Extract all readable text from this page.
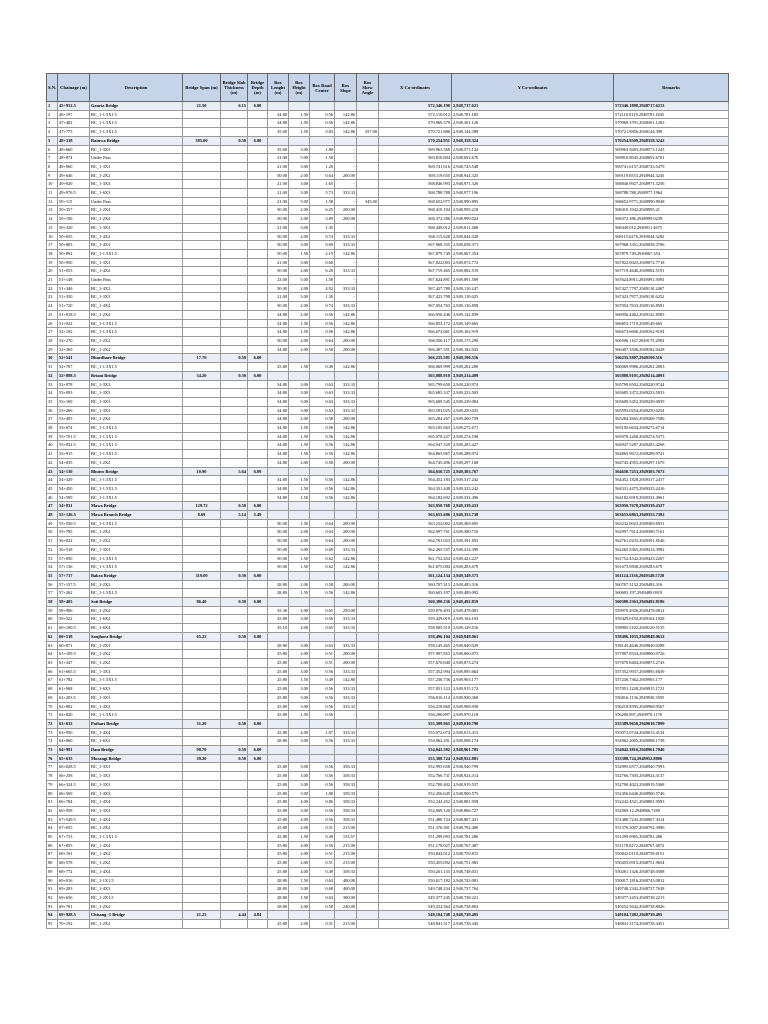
S.N.	Chainage (m)	Description	Bridge Span (m)	Bridge Slab Thickness (m)	Bridge Depth (m)	Box Lenght (m)	Box Height (m)	Box Road Center	Box Slope	Box Skew Angle	X Co-ordinates	Y Co-ordinates	Remarks
1	45+952.5	Gauria Bridge	21.50	6.15	6.00						572,346.190	2,948,717.621	572346.1898,2948717.6213
2	46+197	BC_1-1.5X1.5				34.80	1.50	0.56	142.86		572,110.012	2,948,781.185	572110.0118,2948781.1845
3	47+482	BC_1-1.5X1.5				34.80	1.50	0.56	142.86		570,969.379	2,948,301.126	570969.3791,2948301.1263
4	47+775	BC_1-1.5X1.5				35.00	1.50	3.83	142.86	357.00	570,721.886	2,948,144.398	570721.8856,2948144.398
5	48+318	Ratuwa Bridge	585.00	0.50	6.00						570,254.951	2,948,358.324	570254.9509,2948358.3242
6	48+660	BC_1-3X3				35.00	3.00	1.80	-		569,963.568	2,948,573.124	569963.5683,2948573.1243
7	48+874	Under Pass				21.00	5.00	1.58	-		569,810.804	2,948,692.670	569810.8045,2948692.6701
8	48+960	BC_1-3X3				21.00	3.00	1.20	-		569,741.616	2,948,743.548	569741.6157,2948743.5479
9	49+646	BC_1-2X2				50.00	2.00	0.64	200.00		569,119.655	2,948,944.325	569119.6553,2948944.3245
10	49+920	BC_1-3X3				21.00	3.00	1.65	-		568,846.993	2,948,971.326	568846.9927,2948971.3256
11	49+976.5	BC_1-6X3				21.00	3.00	5.73	333.33		568,788.788	2,948,977.196	568788.788,2948977.1964
12	50+115	Under Pass				21.00	5.00	1.58	-	345.00	568,652.977	2,948,990.895	568652.9771,2948990.8948
13	50+357	BC_1-2X2				50.00	2.00	6.25	200.00		568,410.194	2,948,995.210	568410.1942,2948995.21
14	50+196	BC_1-2X2				50.00	2.00	3.89	200.00		568,372.386	2,948,999.024	568372.386,2948999.0239
15	50+320	BC_1-3X3				21.00	3.00	1.35	-		568,449.012	2,949,011.468	568449.012,2949011.4675
16	50+655	BC_1-4X2				50.00	2.00	0.74	333.33		568,115.628	2,949,044.328	568115.6278,2949044.3282
17	50+803	BC_1-4X3				50.00	3.00	0.69	333.33		567,968.335	2,949,038.371	567968.3351,2949038.3706
18	50+892	BC_1-1.5X1.5				50.00	1.50	2.19	142.86		567,879.749	2,949,067.354	567879.749,2949067.354
19	50+950	BC_1-3X3				21.00	3.00	0.60	-		567,822.003	2,949,072.772	567822.0025,2949072.7718
20	51+053	BC_1-4X2				50.00	2.00	6.20	333.33		567,719.465	2,949,082.519	567719.4646,2949082.5191
21	51+148	Under Pass				23.00	5.00	1.58	-		567,624.891	2,949,091.509	567624.8911,2949091.5093
22	51+346	BC_1-4X2				50.00	2.00	4.92	333.33		567,427.780	2,949,110.247	567427.7797,2949110.2467
23	51+350	BC_1-3X3				21.00	3.00	1.30	-		567,423.798	2,949,110.625	567423.7977,2949110.6252
24	51+720	BC_1-4X2				50.00	2.00	0.74	333.33		567,054.763	2,949,136.858	567054.7633,2949136.8581
25	51+818.5	BC_1-2X2				34.80	2.00	0.56	142.86		566,956.446	2,949,142.858	566956.4462,2949142.8583
26	51+922	BC_1-1.5X1.5				34.80	1.50	0.56	142.86		566,853.172	2,949,149.665	566853.1719,2949149.665
27	52+102	BC_1-1.5X1.5				34.80	1.50	0.56	142.86		566,673.661	2,949,162.919	566673.6606,2949162.9194
28	52+270	BC_1-2X2				50.00	2.00	0.64	200.00		566,506.117	2,949,175.290	566506.1167,2949175.2903
29	52+369	BC_1-2X2				34.80	2.00	0.58	200.00		566,407.351	2,949,182.043	566407.3506,2949182.0428
30	52+541	Dhardhare Bridge	17.70	0.50	6.00						566,235.581	2,949,190.516	566235.5807,2949190.516
31	52+707	BC_1-1.5X1.5				25.80	1.50	0.49	142.86		566,069.999	2,949,202.200	566069.9986,2949202.2003
32	52+888.5	Betani Bridge	34.20	0.50	6.00						565,888.910	2,949,214.489	565888.9101,2949214.4893
33	52+978	BC_1-3X3				34.80	3.00	0.63	333.33		565,799.650	2,949,220.974	565799.6502,2949220.9744
34	53+093	BC_1-3X3				34.80	3.00	0.63	333.33		565,685.337	2,949,233.503	565685.3372,2949233.5033
35	53+169	BC_1-3X3				34.80	3.00	0.63	333.33		565,609.545	2,949,239.084	565609.5452,2949239.0839
36	53+266	BC_1-3X3				34.80	3.00	0.63	333.33		565,593.025	2,949,250.025	565593.0254,2949250.0254
37	53+495	BC_1-2X2				34.80	2.00	0.58	200.00		565,284.267	2,949,260.759	565284.2665,2949260.7586
38	53+674	BC_1-1.5X1.5				34.80	1.50	0.56	142.86		565,105.663	2,949,272.671	565105.6634,2949272.6714
39	53+701.5	BC_1-1.5X1.5				34.80	1.50	0.56	142.86		565,078.227	2,949,274.538	565078.2268,2949274.5375
40	53+832.5	BC_1-1.5X1.5				34.80	1.50	0.56	142.86		564,947.529	2,949,283.427	564947.5287,2949283.4268
41	53+915	BC_1-1.5X1.5				34.80	1.50	0.56	142.86		564,865.967	2,949,288.974	564865.9672,2949288.9741
42	54+035	BC_1-2X2				34.80	2.00	0.58	200.00		564,745.496	2,949,297.168	564745.4955,2949297.1679
43	54+130	Bhutro Bridge	10.90	5.64	6.09						564,650.725	2,949,303.767	564650.7253,2949303.7673
44	54+329	BC_1-1.5X1.5				34.80	1.50	0.56	142.86		564,452.183	2,949,317.242	564452.1828,2949317.2417
45	54+450	BC_1-1.5X1.5				34.80	1.50	0.56	142.86		564,331.448	2,949,325.242	564331.4475,2949325.2416
46	54+599	BC_1-1.5X1.5				34.80	1.50	0.56	142.86		564,182.692	2,949,331.496	564182.6919,2949331.4961
47	54+831	Mawa Bridge	129.72	0.50	6.00						563,950.768	2,949,339.433	563950.7678,2949339.4327
48	55+126.5	Mawa Branch Bridge	8.69	5.14	5.49						563,655.686	2,949,353.738	563655.6863,2949353.7382
49	55+550.5	BC_1-1.5X1.5				50.00	1.50	0.64	200.00		563,232.002	2,949,369.695	563232.0023,2949369.6951
50	55+785	BC_1-2X2				50.00	2.00	0.64	200.00		562,997.761	2,949,380.716	562997.7614,2949380.7161
51	56+022	BC_1-2X2				50.00	2.00	0.64	200.00		562,761.023	2,949,391.855	562761.0233,2949391.8546
52	56+518	BC_1-3X3				50.00	3.00	0.69	333.33		562,265.537	2,949,414.399	562265.5365,2949414.3992
53	57+050	BC_1-1.5X1.5				50.00	1.50	0.62	142.86		561,752.454	2,949,423.227	561752.4542,2949423.2267
54	57+136	BC_1-1.5X1.5				50.00	1.50	0.62	142.86		561,675.084	2,949,283.679	561675.0838,2949283.679
55	57+717	Bakra Bridge	319.00	0.50	6.00						561,124.134	2,949,349.573	561124.1336,2949349.5728
56	57+157.5	BC_1-2X2				28.80	2.00	0.58	200.00		560,707.313	2,949,483.316	560707.3132,2949483.316
57	57+262	BC_1-1.5X1.5				28.80	1.50	0.56	142.86		560,603.197	2,949,489.092	560603.197,2949489.0919
58	58+405	Soti Bridge	86.40	0.50	6.00						560,380.236	2,949,492.819	560380.2363,2949492.8186
59	58+906	BC_1-2X2				35.30	2.00	0.65	250.00		559,970.493	2,949,478.081	559970.4926,2949478.0812
60	59+522	BC_1-6X2				25.80	3.00	0.56	333.33		559,429.019	2,949,164.103	559429.0192,2949164.1028
61	60+100.5	BC_1-6X4				35.10	4.00	0.65	333.33		558,905.510	2,949,129.516	558905.5102,2949129.5155
62	60+518	Sanjhora Bridge	65.22	0.50	6.00						558,496.104	2,949,848.061	558496.1035,2949848.0612
63	60+871	BC_1-2X3				28.80	3.00	0.63	333.33		558,145.465	2,949,840.029	558145.4646,2949840.0288
64	61+109.5	BC_1-2X2				25.80	2.00	0.51	200.00		557,907.853	2,949,860.073	557907.8534,2949860.0726
65	61+347	BC_1-2X2				25.80	2.00	0.51	200.00		557,670.840	2,949,873.274	557670.8404,2949873.2743
66	61+665.5	BC_1-3X3				25.80	3.00	0.56	333.33		557,352.994	2,949,895.664	557352.9937,2949895.6639
67	61+782	BC_1-1.5X1.5				25.80	1.50	0.49	142.86		557,236.736	2,949,903.177	557236.7362,2949903.177
68	61+968	BC_1-6X3				25.80	3.00	0.56	333.33		557,051.123	2,949,915.172	557051.1228,2949915.1721
69	62+203.5	BC_1-3X3				25.80	3.00	0.56	333.33		556,816.114	2,949,930.360	556816.1136,2949930.3595
70	62+802	BC_1-4X3				25.80	3.00	0.56	333.33		556,218.860	2,949,968.958	556218.8595,2949968.9567
71	62+820	BC_1-1.5X1.5				25.80	1.50	0.56	-		556,200.897	2,949,970.118	556200.897,2949970.1176
72	63+632	Pathari Bridge	31.20	0.50	6.00						555,389.965	2,949,010.790	555389.9650,2949010.7899
73	63+950	BC_1-4X4				25.80	4.00	1.07	333.33		555,072.074	2,949,013.413	555072.0744,2949013.4134
74	64+060	BC_1-6X3				28.80	3.00	0.56	333.33		554,962.201	2,949,008.174	554962.2005,2949008.1738
75	64+981	Dam Bridge	98.70	0.50	6.00						554,042.382	2,948,961.705	554042.3816,2948961.7046
76	65+635	Morangi Bridge	39.20	0.50	6.00						553,388.724	2,948,952.881	553388.724,2948952.8806
77	66+028.5	BC_1-3X3				25.80	3.00	0.56	358.33		552,995.658	2,948,940.799	552995.6577,2948940.7993
78	66+258	BC_1-3X3				25.80	3.00	0.56	358.33		552,766.731	2,948,924.314	552766.7305,2948924.3137
79	66+324.5	BC_1-3X3				25.80	3.00	0.56	358.33		552,700.402	2,948,919.537	552700.4023,2948919.5368
80	66+569	BC_1-4X3				25.80	3.00	1.80	358.33		552,456.645	2,948,900.575	552456.6446,2948900.5746
81	66+784	BC_1-4X4				25.80	4.00	0.86	358.33		552,242.452	2,948,881.958	552242.4521,2948881.9583
82	66+958	BC_1-3X3				25.80	3.00	0.56	358.33		552,069.120	2,948,866.727	552069.12,2948866.7269
83	67+549.5	BC_1-4X4				25.80	4.00	0.56	358.33		551,480.724	2,948,807.431	551480.7243,2948807.4314
84	67+655	BC_1-2X2				25.80	2.00	0.51	215.00		551,376.301	2,948,792.400	551376.3007,2948792.3996
85	67+733	BC_1-1.5X1.5				25.80	1.50	0.49	153.57		551,299.093	2,948,781.286	551299.0965,2948781.286
86	67+855	BC_1-4X4				25.80	4.00	0.56	215.00		551,178.027	2,948,767.487	551178.0272,2948767.4872
87	68+191	BC_1-4X2				25.80	2.00	0.51	215.00		550,842.012	2,948,759.815	550842.0119,2948759.8151
88	68+578	BC_1-2X2				25.80	2.00	0.51	215.00		550,455.092	2,948,751.965	550455.0915,2948751.9654
89	68+772	BC_1-4X4				25.80	4.00	0.49	358.33		550,261.133	2,948,748.031	550261.1326,2948748.0308
90	69+016	BC_1-1X1.5				28.80	1.50	0.63	400.00		550,017.182	2,948,743.081	550017.1816,2948743.0812
91	69+283	BC_1-4X3				28.80	3.00	0.68	400.00		549,748.234	2,948,737.764	549748.2342,2948737.7638
92	69+656	BC_1-2X1.5				28.80	1.50	0.63	300.00		549,377.245	2,948,738.221	549377.2453,2948738.2213
93	69+781	BC_1-2X2				28.80	2.00	0.58	240.00		549,252.564	2,948,738.803	549252.5642,2948738.8026
94	69+928.5	Chisang -1 Bridge	21.25	4.44	4.84						549,104.748	2,948,739.495	549104.7482,2948739.495
95	70+192	BC_1-2X2				25.80	2.00	0.51	215.00		548,841.317	2,948,738.445	548841.3174,2948738.4451
